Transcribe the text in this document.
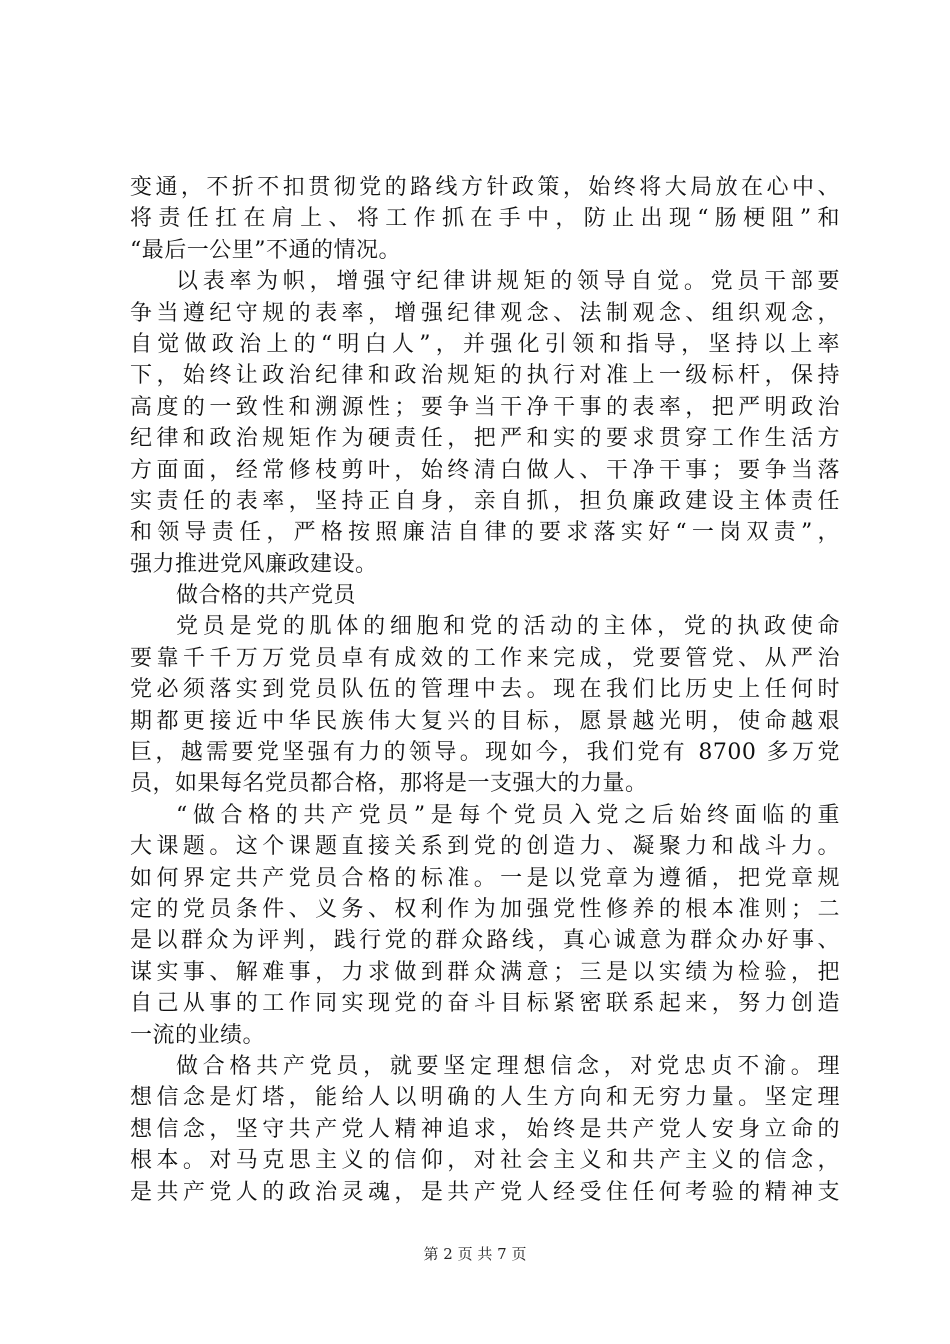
变通，不折不扣贯彻党的路线方针政策，始终将大局放在心中、
将责任扛在肩上、将工作抓在手中，防止出现“肠梗阻”和
“最后一公里”不通的情况。
以表率为帜，增强守纪律讲规矩的领导自觉。党员干部要
争当遵纪守规的表率，增强纪律观念、法制观念、组织观念，
自觉做政治上的“明白人”，并强化引领和指导，坚持以上率
下，始终让政治纪律和政治规矩的执行对准上一级标杆，保持
高度的一致性和溯源性；要争当干净干事的表率，把严明政治
纪律和政治规矩作为硬责任，把严和实的要求贯穿工作生活方
方面面，经常修枝剪叶，始终清白做人、干净干事；要争当落
实责任的表率，坚持正自身，亲自抓，担负廉政建设主体责任
和领导责任，严格按照廉洁自律的要求落实好“一岗双责”，
强力推进党风廉政建设。
做合格的共产党员
党员是党的肌体的细胞和党的活动的主体，党的执政使命
要靠千千万万党员卓有成效的工作来完成，党要管党、从严治
党必须落实到党员队伍的管理中去。现在我们比历史上任何时
期都更接近中华民族伟大复兴的目标，愿景越光明，使命越艰
巨，越需要党坚强有力的领导。现如今，我们党有 8700 多万党
员，如果每名党员都合格，那将是一支强大的力量。
“做合格的共产党员”是每个党员入党之后始终面临的重
大课题。这个课题直接关系到党的创造力、凝聚力和战斗力。
如何界定共产党员合格的标准。一是以党章为遵循，把党章规
定的党员条件、义务、权利作为加强党性修养的根本准则；二
是以群众为评判，践行党的群众路线，真心诚意为群众办好事、
谋实事、解难事，力求做到群众满意；三是以实绩为检验，把
自己从事的工作同实现党的奋斗目标紧密联系起来，努力创造
一流的业绩。
做合格共产党员，就要坚定理想信念，对党忠贞不渝。理
想信念是灯塔，能给人以明确的人生方向和无穷力量。坚定理
想信念，坚守共产党人精神追求，始终是共产党人安身立命的
根本。对马克思主义的信仰，对社会主义和共产主义的信念，
是共产党人的政治灵魂，是共产党人经受住任何考验的精神支
第 2 页 共 7 页
